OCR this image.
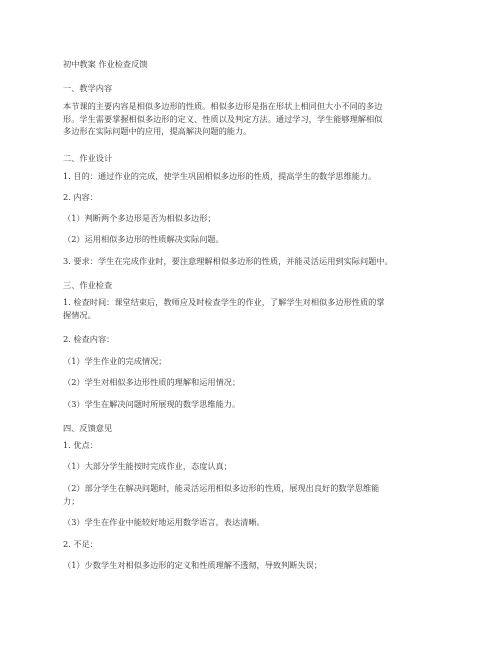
初中教案 作业检查反馈
一、教学内容
本节课的主要内容是相似多边形的性质。相似多边形是指在形状上相同但大小不同的多边
形。学生需要掌握相似多边形的定义、性质以及判定方法。通过学习，学生能够理解相似
多边形在实际问题中的应用，提高解决问题的能力。
二、作业设计
1. 目的：通过作业的完成，使学生巩固相似多边形的性质，提高学生的数学思维能力。
2. 内容：
（1）判断两个多边形是否为相似多边形；
（2）运用相似多边形的性质解决实际问题。
3. 要求：学生在完成作业时，要注意理解相似多边形的性质，并能灵活运用到实际问题中。
三、作业检查
1. 检查时间：课堂结束后，教师应及时检查学生的作业，了解学生对相似多边形性质的掌
握情况。
2. 检查内容：
（1）学生作业的完成情况；
（2）学生对相似多边形性质的理解和运用情况；
（3）学生在解决问题时所展现的数学思维能力。
四、反馈意见
1. 优点：
（1）大部分学生能按时完成作业，态度认真；
（2）部分学生在解决问题时，能灵活运用相似多边形的性质，展现出良好的数学思维能
力；
（3）学生在作业中能较好地运用数学语言，表达清晰。
2. 不足：
（1）少数学生对相似多边形的定义和性质理解不透彻，导致判断失误；
